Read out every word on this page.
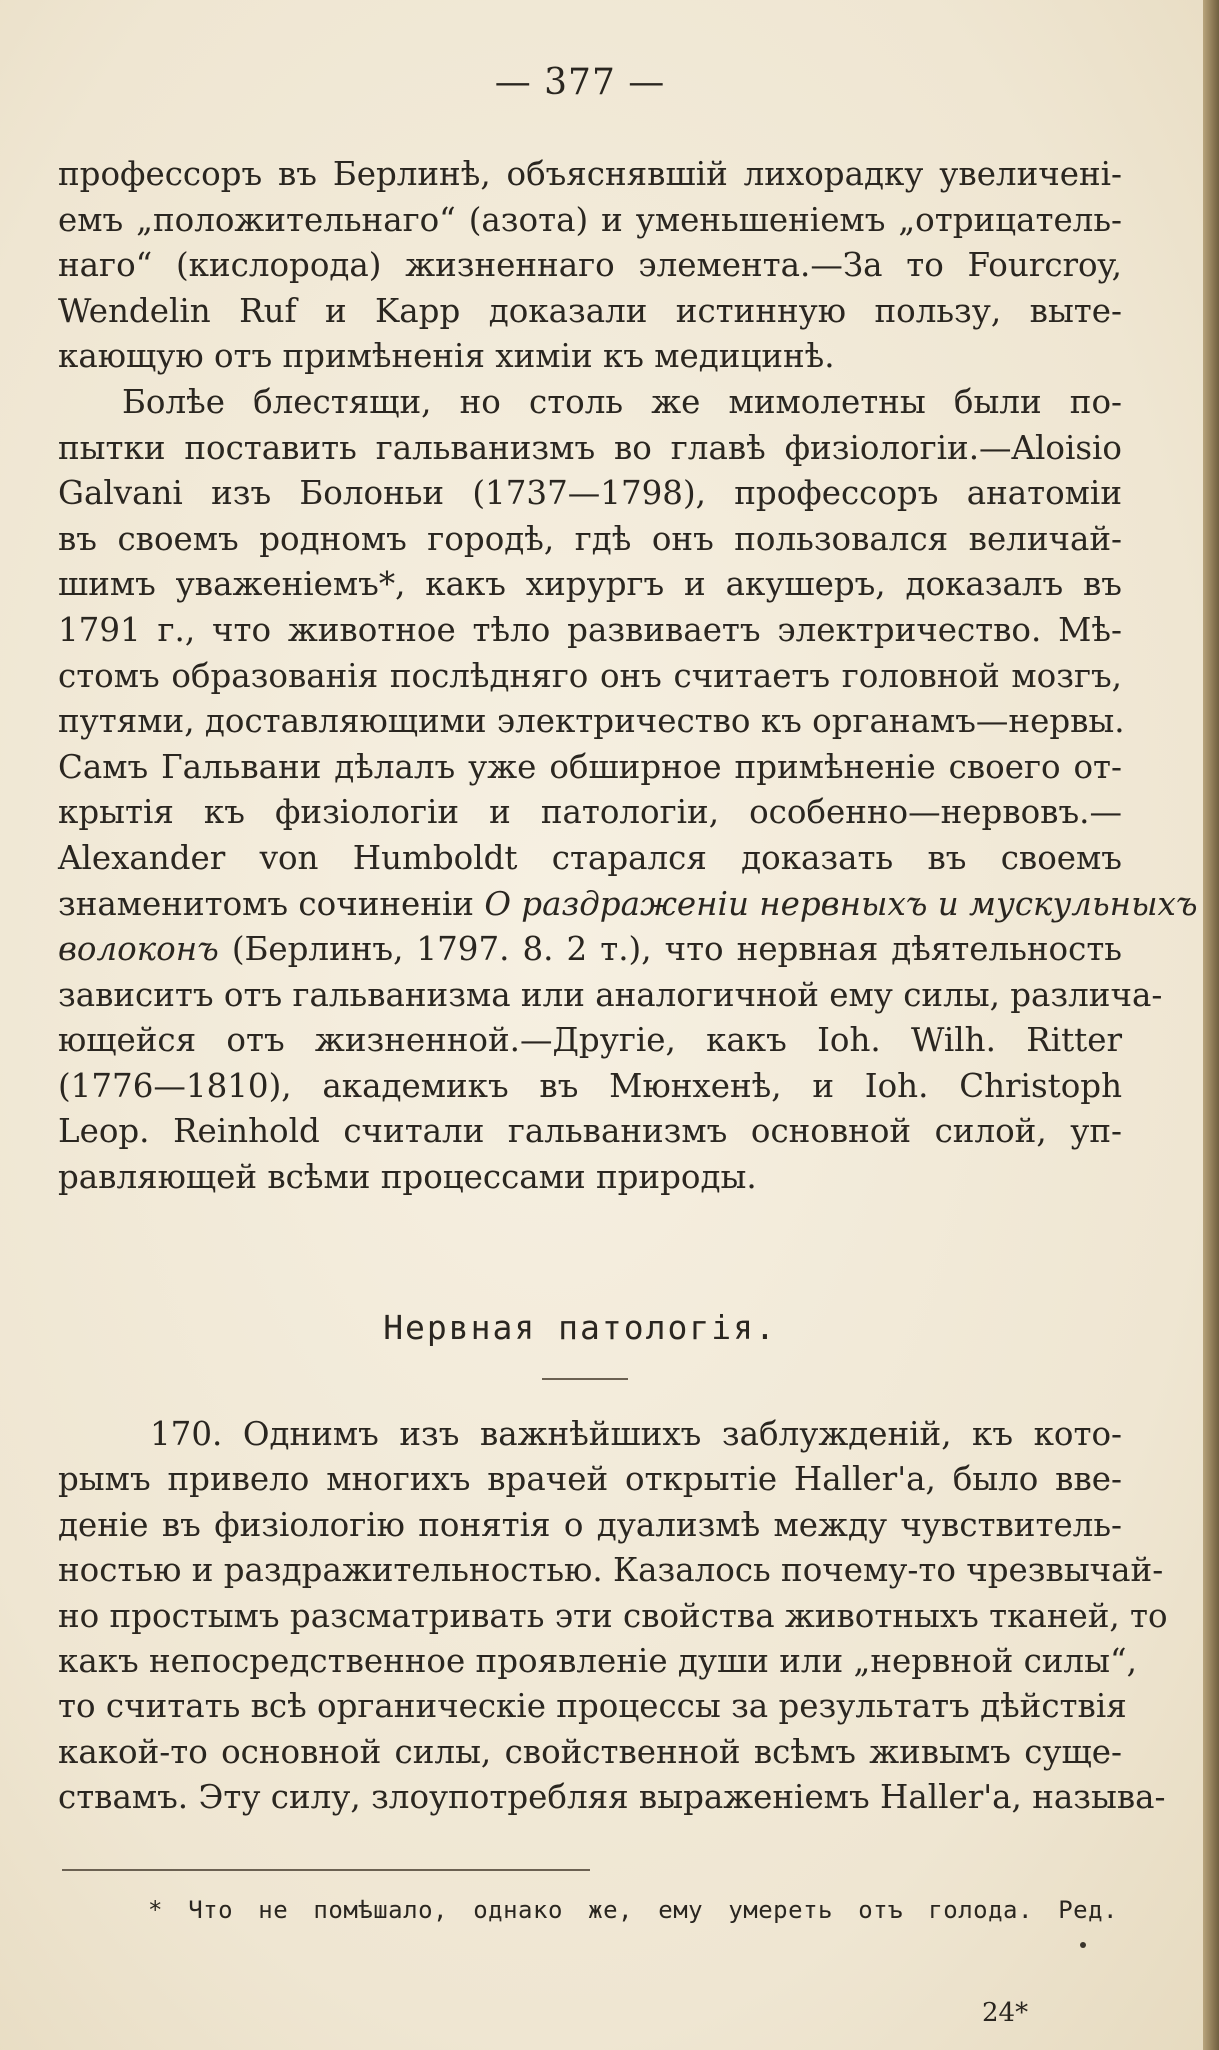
— 377 —
профессоръ въ Берлинѣ, объяснявшій лихорадку увеличені-
емъ „положительнаго“ (азота) и уменьшеніемъ „отрицатель-
наго“ (кислорода) жизненнаго элемента.—За то Fourcroy,
Wendelin Ruf и Kapp доказали истинную пользу, выте-
кающую отъ примѣненія химіи къ медицинѣ.
Болѣе блестящи, но столь же мимолетны были по-
пытки поставить гальванизмъ во главѣ физіологіи.—Aloisio
Galvani изъ Болоньи (1737—1798), профессоръ анатоміи
въ своемъ родномъ городѣ, гдѣ онъ пользовался величай-
шимъ уваженіемъ*, какъ хирургъ и акушеръ, доказалъ въ
1791 г., что животное тѣло развиваетъ электричество. Мѣ-
стомъ образованія послѣдняго онъ считаетъ головной мозгъ,
путями, доставляющими электричество къ органамъ—нервы.
Самъ Гальвани дѣлалъ уже обширное примѣненіе своего от-
крытія къ физіологіи и патологіи, особенно—нервовъ.—
Alexander von Humboldt старался доказать въ своемъ
знаменитомъ сочиненіи О раздраженіи нервныхъ и мускульныхъ
волоконъ (Берлинъ, 1797. 8. 2 т.), что нервная дѣятельность
зависитъ отъ гальванизма или аналогичной ему силы, различа-
ющейся отъ жизненной.—Другіе, какъ Ioh. Wilh. Ritter
(1776—1810), академикъ въ Мюнхенѣ, и Ioh. Christoph
Leop. Reinhold считали гальванизмъ основной силой, уп-
равляющей всѣми процессами природы.
Нервная патологія.
170. Однимъ изъ важнѣйшихъ заблужденій, къ кото-
рымъ привело многихъ врачей открытіе Haller'a, было вве-
деніе въ физіологію понятія о дуализмѣ между чувствитель-
ностью и раздражительностью. Казалось почему-то чрезвычай-
но простымъ разсматривать эти свойства животныхъ тканей, то
какъ непосредственное проявленіе души или „нервной силы“,
то считать всѣ органическіе процессы за результатъ дѣйствія
какой-то основной силы, свойственной всѣмъ живымъ суще-
ствамъ. Эту силу, злоупотребляя выраженіемъ Haller'a, называ-
* Что не помѣшало, однако же, ему умереть отъ голода. Ред.
24*
